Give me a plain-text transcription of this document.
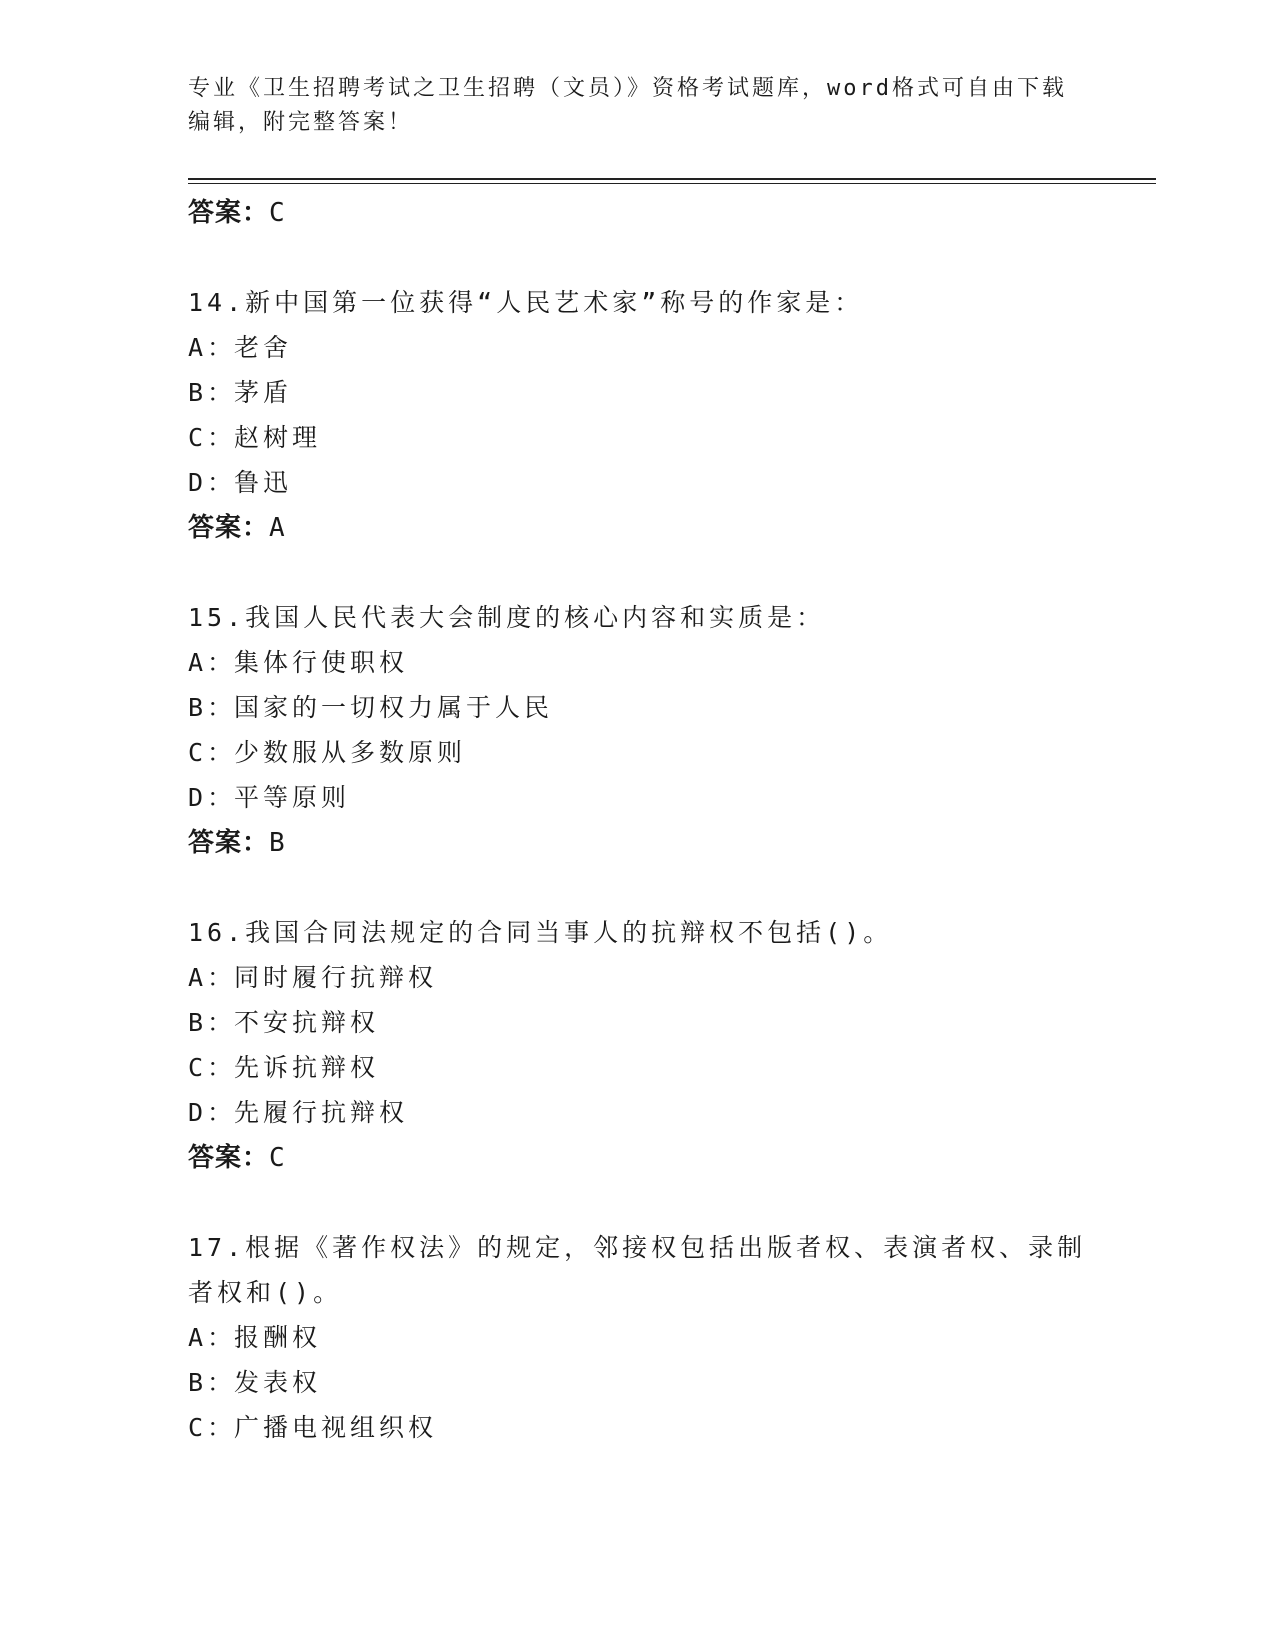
专业《卫生招聘考试之卫生招聘（文员）》资格考试题库，word格式可自由下载
编辑，附完整答案！
答案：C
14.新中国第一位获得“人民艺术家”称号的作家是：
A：老舍
B：茅盾
C：赵树理
D：鲁迅
答案：A
15.我国人民代表大会制度的核心内容和实质是：
A：集体行使职权
B：国家的一切权力属于人民
C：少数服从多数原则
D：平等原则
答案：B
16.我国合同法规定的合同当事人的抗辩权不包括()。
A：同时履行抗辩权
B：不安抗辩权
C：先诉抗辩权
D：先履行抗辩权
答案：C
17.根据《著作权法》的规定，邻接权包括出版者权、表演者权、录制者权和()。
A：报酬权
B：发表权
C：广播电视组织权
